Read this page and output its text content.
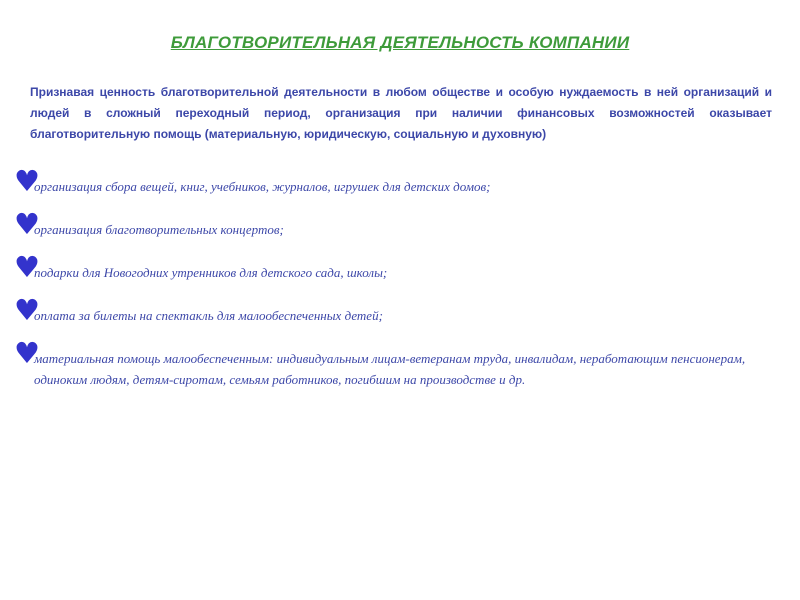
БЛАГОТВОРИТЕЛЬНАЯ ДЕЯТЕЛЬНОСТЬ КОМПАНИИ
Признавая ценность благотворительной деятельности в любом обществе и особую нуждаемость в ней организаций и людей в сложный переходный период, организация при наличии финансовых возможностей оказывает благотворительную помощь (материальную, юридическую, социальную и духовную)
♥
организация сбора вещей, книг, учебников, журналов, игрушек для детских домов;
♥
организация благотворительных концертов;
♥
подарки для Новогодних утренников для детского сада, школы;
♥
оплата за билеты на спектакль для малообеспеченных детей;
♥
материальная помощь малообеспеченным: индивидуальным лицам-ветеранам труда, инвалидам, неработающим пенсионерам, одиноким людям, детям-сиротам, семьям работников, погибшим на производстве и др.
